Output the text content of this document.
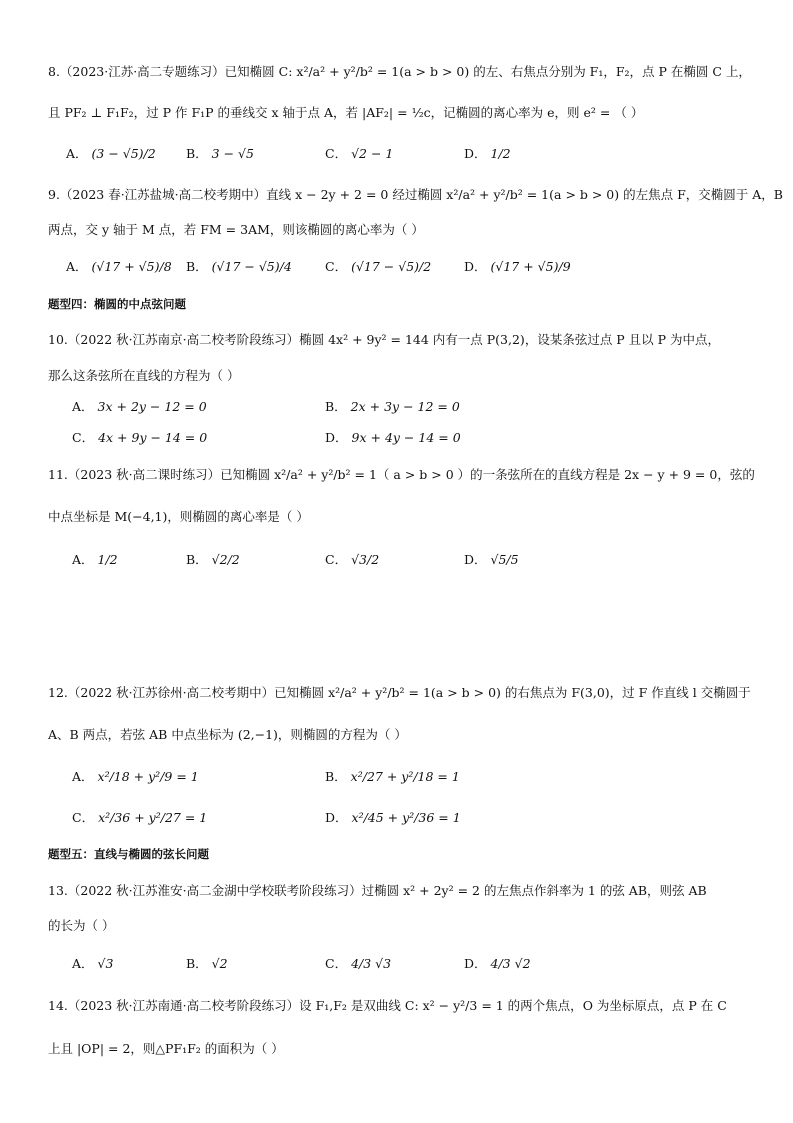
8.（2023·江苏·高二专题练习）已知椭圆 C: x²/a² + y²/b² = 1(a > b > 0) 的左、右焦点分别为 F₁，F₂，点 P 在椭圆 C 上，
且 PF₂ ⊥ F₁F₂，过 P 作 F₁P 的垂线交 x 轴于点 A，若 |AF₂| = ½c，记椭圆的离心率为 e，则 e² = （ ）
A． (3 − √5)/2 B． 3 − √5	C． √2 − 1	D． 1/2
9.（2023 春·江苏盐城·高二校考期中）直线 x − 2y + 2 = 0 经过椭圆 x²/a² + y²/b² = 1(a > b > 0) 的左焦点 F，交椭圆于 A，B
两点，交 y 轴于 M 点，若 FM = 3AM，则该椭圆的离心率为（ ）
A． (√17 + √5)/8 B． (√17 − √5)/4	C． (√17 − √5)/2	D． (√17 + √5)/9
题型四：椭圆的中点弦问题
10.（2022 秋·江苏南京·高二校考阶段练习）椭圆 4x² + 9y² = 144 内有一点 P(3,2)，设某条弦过点 P 且以 P 为中点，
那么这条弦所在直线的方程为（ ）
A． 3x + 2y − 12 = 0	B． 2x + 3y − 12 = 0
C． 4x + 9y − 14 = 0	D． 9x + 4y − 14 = 0
11.（2023 秋·高二课时练习）已知椭圆 x²/a² + y²/b² = 1（ a > b > 0 ）的一条弦所在的直线方程是 2x − y + 9 = 0，弦的
中点坐标是 M(−4,1)，则椭圆的离心率是（ ）
A． 1/2	B． √2/2	C． √3/2	D． √5/5
12.（2022 秋·江苏徐州·高二校考期中）已知椭圆 x²/a² + y²/b² = 1(a > b > 0) 的右焦点为 F(3,0)，过 F 作直线 l 交椭圆于
A、B 两点，若弦 AB 中点坐标为 (2,−1)，则椭圆的方程为（ ）
A． x²/18 + y²/9 = 1	B． x²/27 + y²/18 = 1
C． x²/36 + y²/27 = 1	D． x²/45 + y²/36 = 1
题型五：直线与椭圆的弦长问题
13.（2022 秋·江苏淮安·高二金湖中学校联考阶段练习）过椭圆 x² + 2y² = 2 的左焦点作斜率为 1 的弦 AB，则弦 AB
的长为（ ）
A． √3	B． √2	C． 4/3 √3	D． 4/3 √2
14.（2023 秋·江苏南通·高二校考阶段练习）设 F₁,F₂ 是双曲线 C: x² − y²/3 = 1 的两个焦点，O 为坐标原点，点 P 在 C
上且 |OP| = 2，则△PF₁F₂ 的面积为（ ）
